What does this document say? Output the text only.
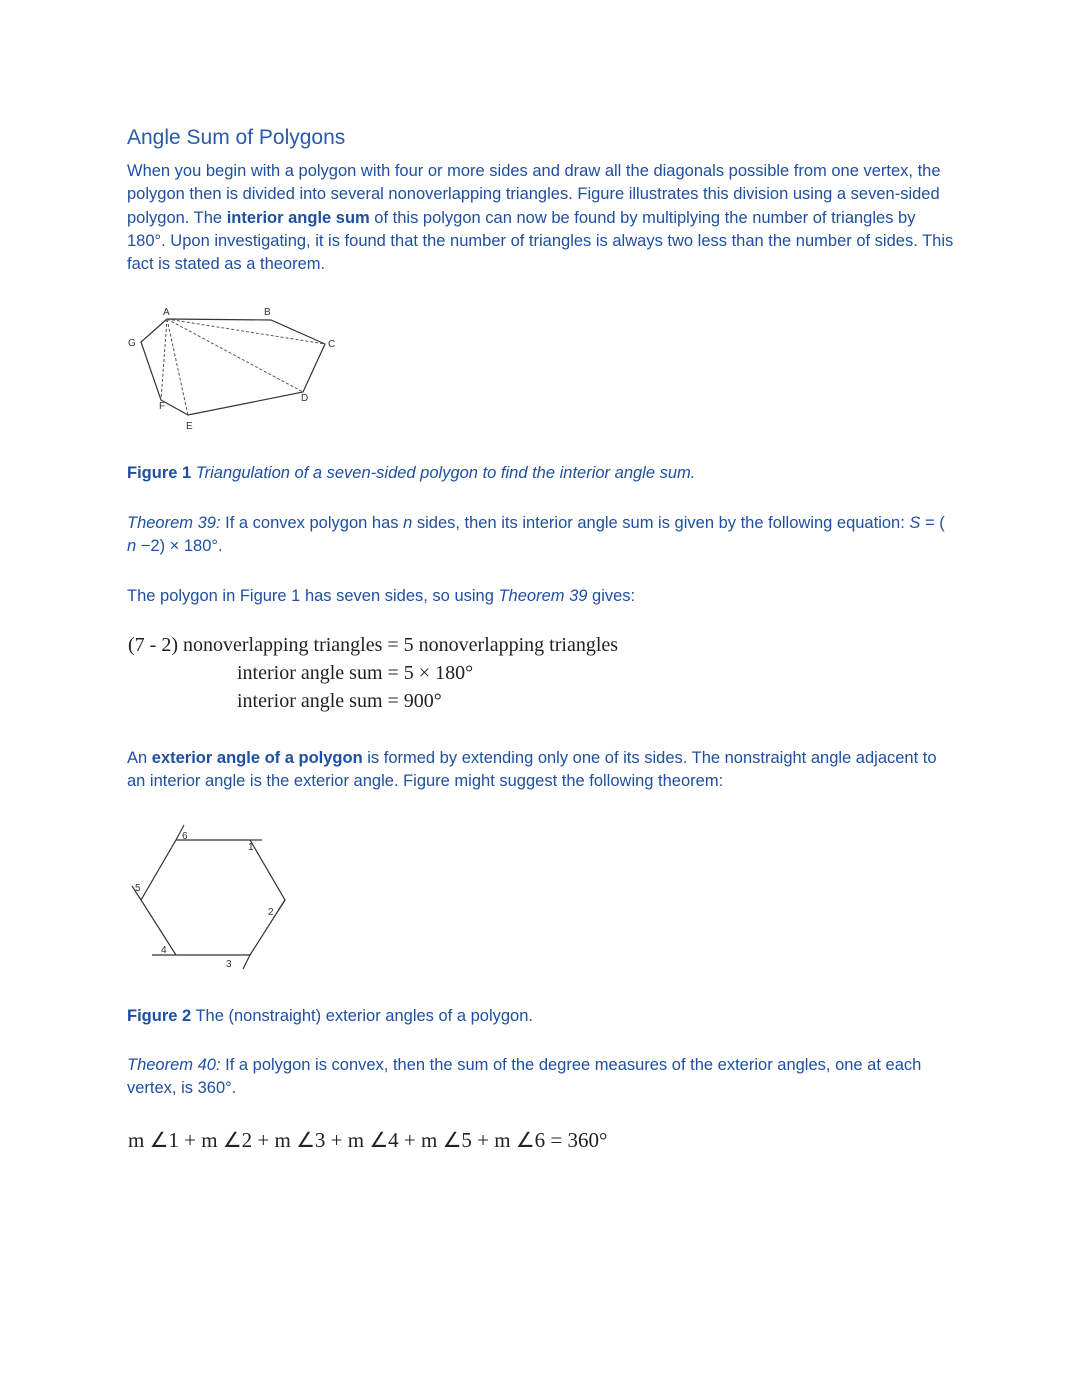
Angle Sum of Polygons

When you begin with a polygon with four or more sides and draw all the diagonals possible from one vertex, the polygon then is divided into several nonoverlapping triangles. Figure illustrates this division using a seven-sided polygon. The interior angle sum of this polygon can now be found by multiplying the number of triangles by 180°. Upon investigating, it is found that the number of triangles is always two less than the number of sides. This fact is stated as a theorem.

A	B
C
D
E
F
G

Figure 1 Triangulation of a seven-sided polygon to find the interior angle sum.

Theorem 39: If a convex polygon has n sides, then its interior angle sum is given by the following equation: S = ( n −2) × 180°.

The polygon in Figure 1 has seven sides, so using Theorem 39 gives:

(7 - 2) nonoverlapping triangles = 5 nonoverlapping triangles
interior angle sum = 5 × 180°
interior angle sum = 900°

An exterior angle of a polygon is formed by extending only one of its sides. The nonstraight angle adjacent to an interior angle is the exterior angle. Figure might suggest the following theorem:

1
2
3
4
5
6

Figure 2 The (nonstraight) exterior angles of a polygon.

Theorem 40: If a polygon is convex, then the sum of the degree measures of the exterior angles, one at each vertex, is 360°.

m ∠1 + m ∠2 + m ∠3 + m ∠4 + m ∠5 + m ∠6 = 360°
